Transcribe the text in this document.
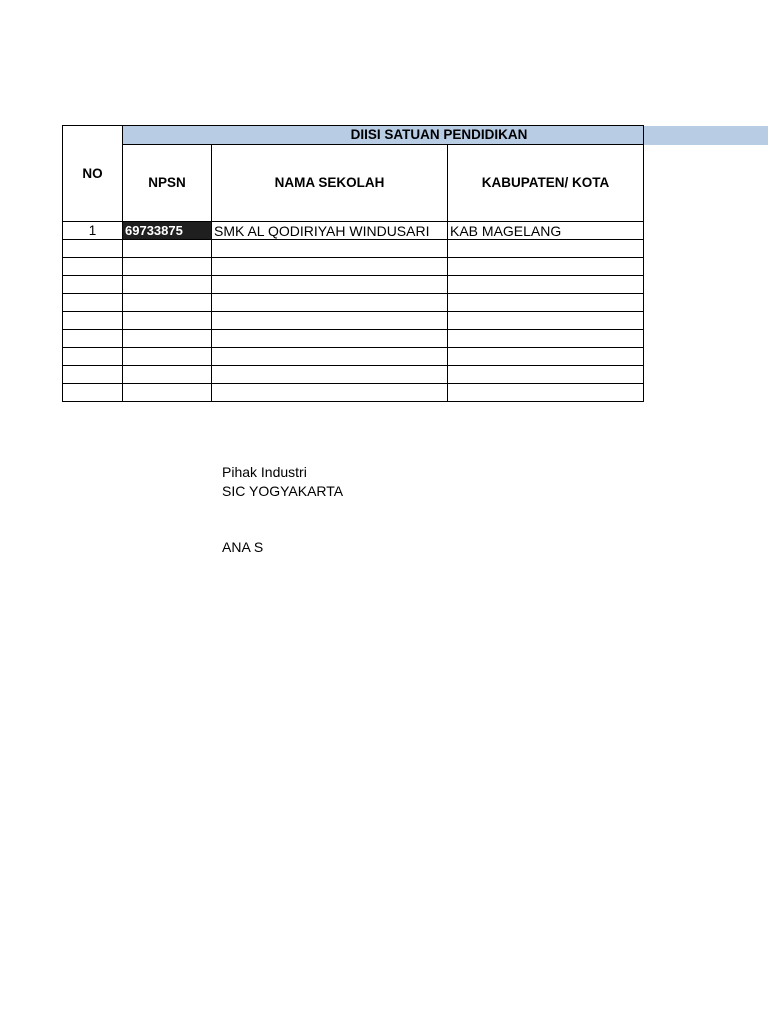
NO	DIISI SATUAN PENDIDIKAN		
	NPSN	NAMA SEKOLAH	KABUPATEN/ KOTA
1	69733875	SMK AL QODIRIYAH WINDUSARI	KAB MAGELANG

Pihak Industri
SIC YOGYAKARTA
ANA S
